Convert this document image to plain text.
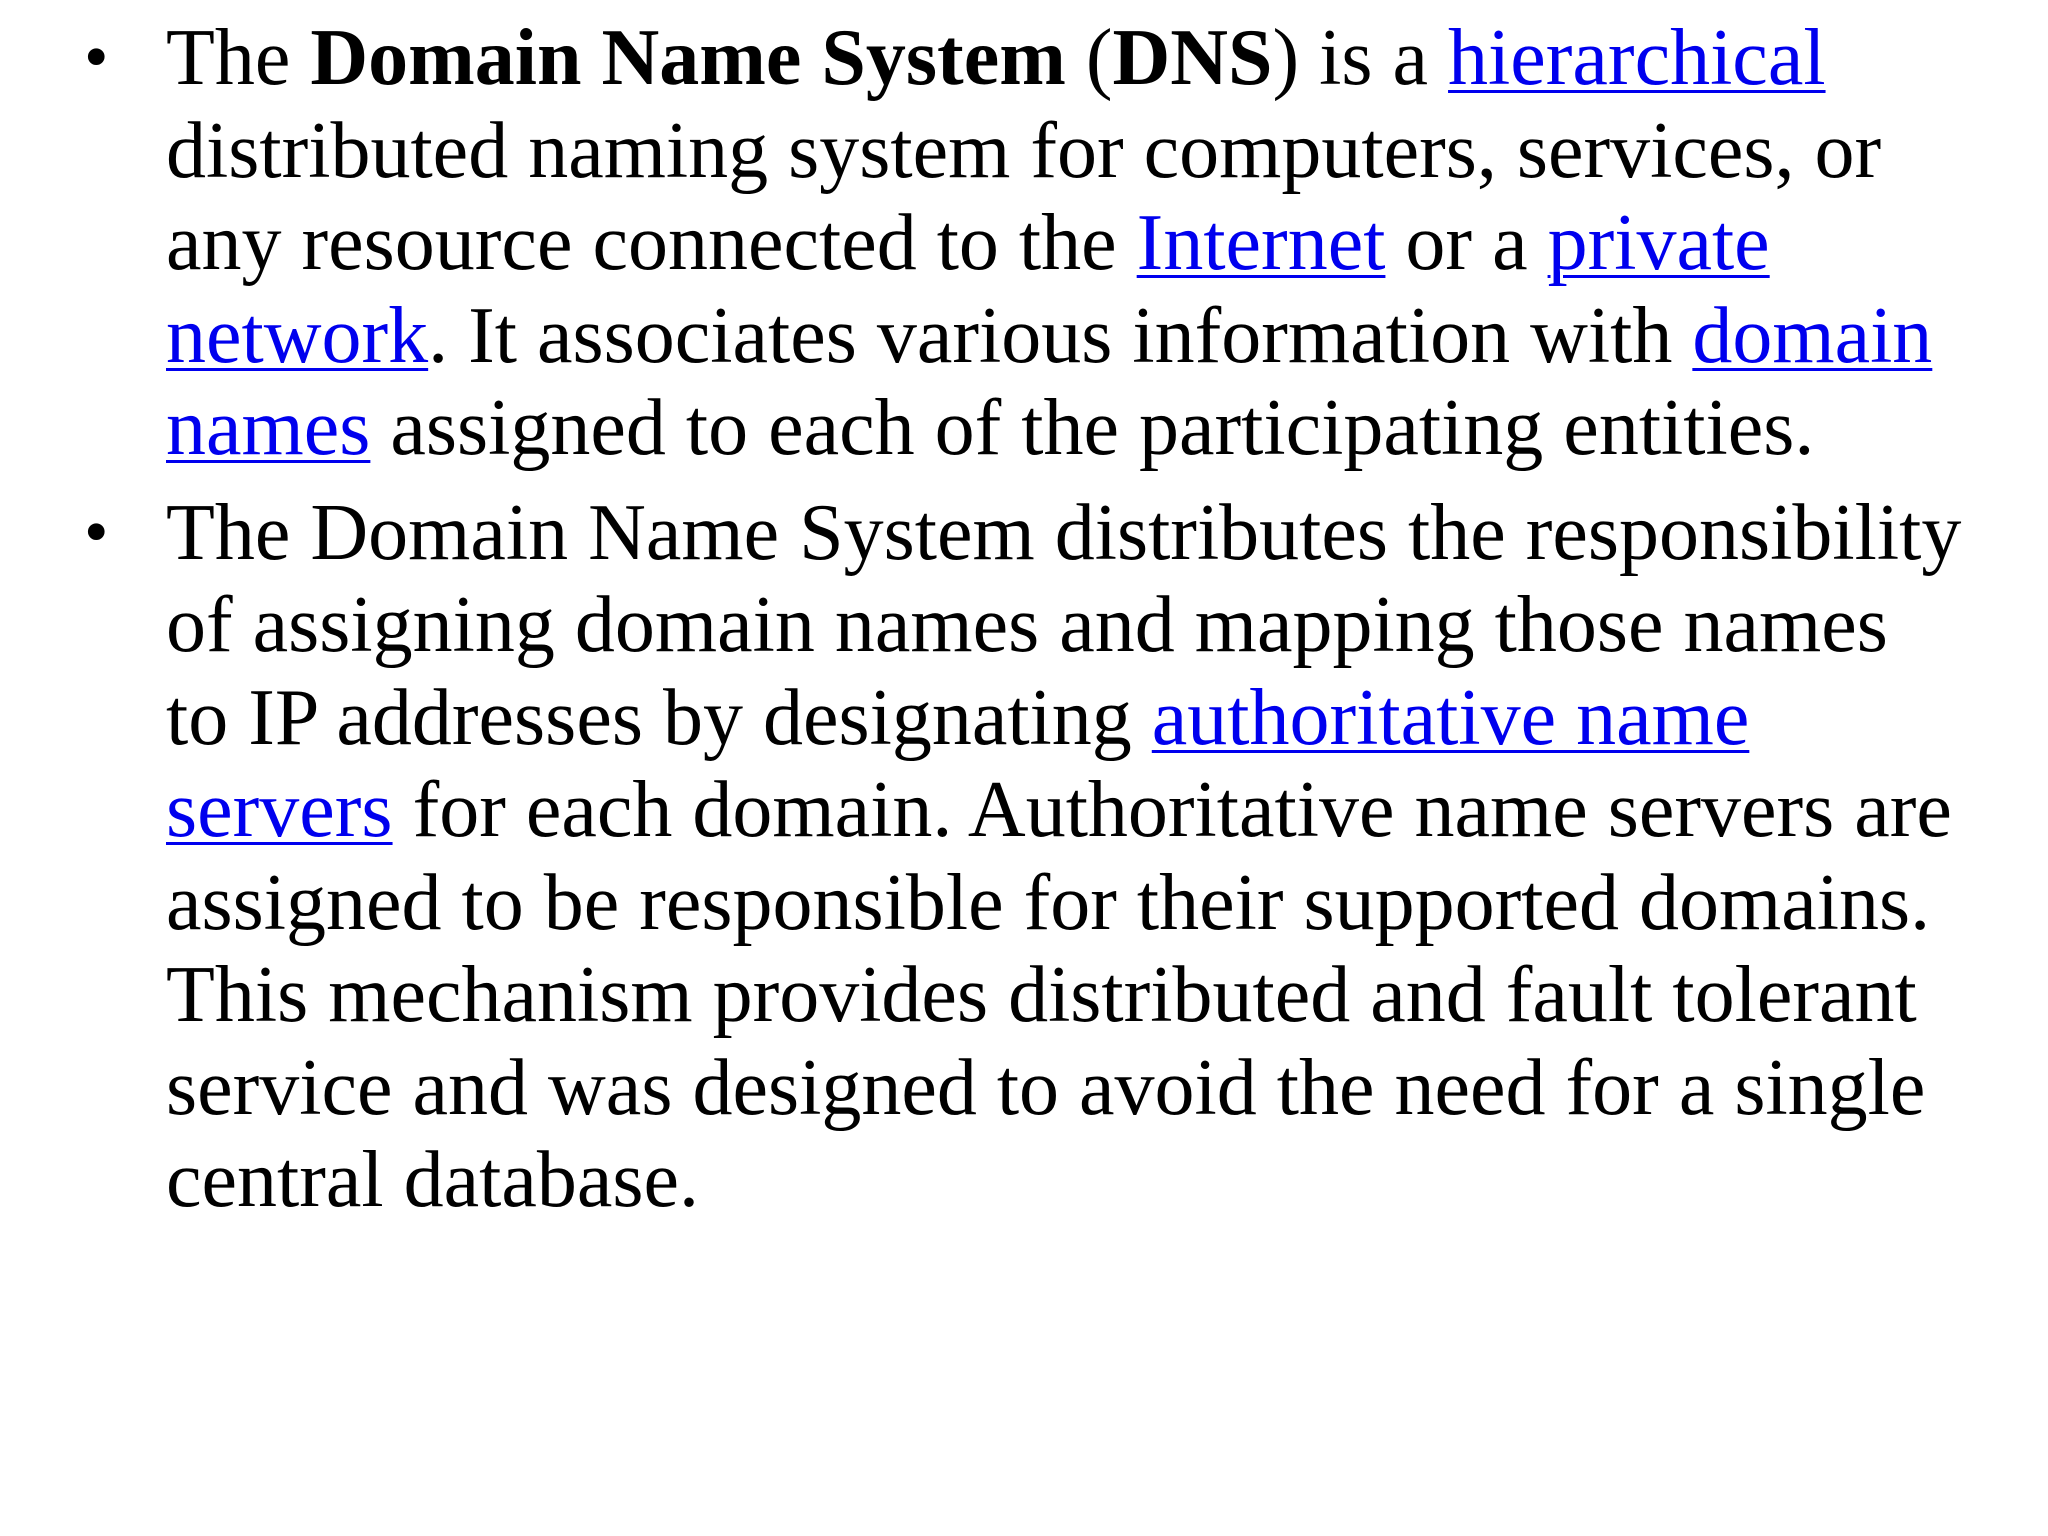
• The Domain Name System (DNS) is a hierarchical distributed naming system for computers, services, or any resource connected to the Internet or a private network. It associates various information with domain names assigned to each of the participating entities.
• The Domain Name System distributes the responsibility of assigning domain names and mapping those names to IP addresses by designating authoritative name servers for each domain. Authoritative name servers are assigned to be responsible for their supported domains. This mechanism provides distributed and fault tolerant service and was designed to avoid the need for a single central database.
